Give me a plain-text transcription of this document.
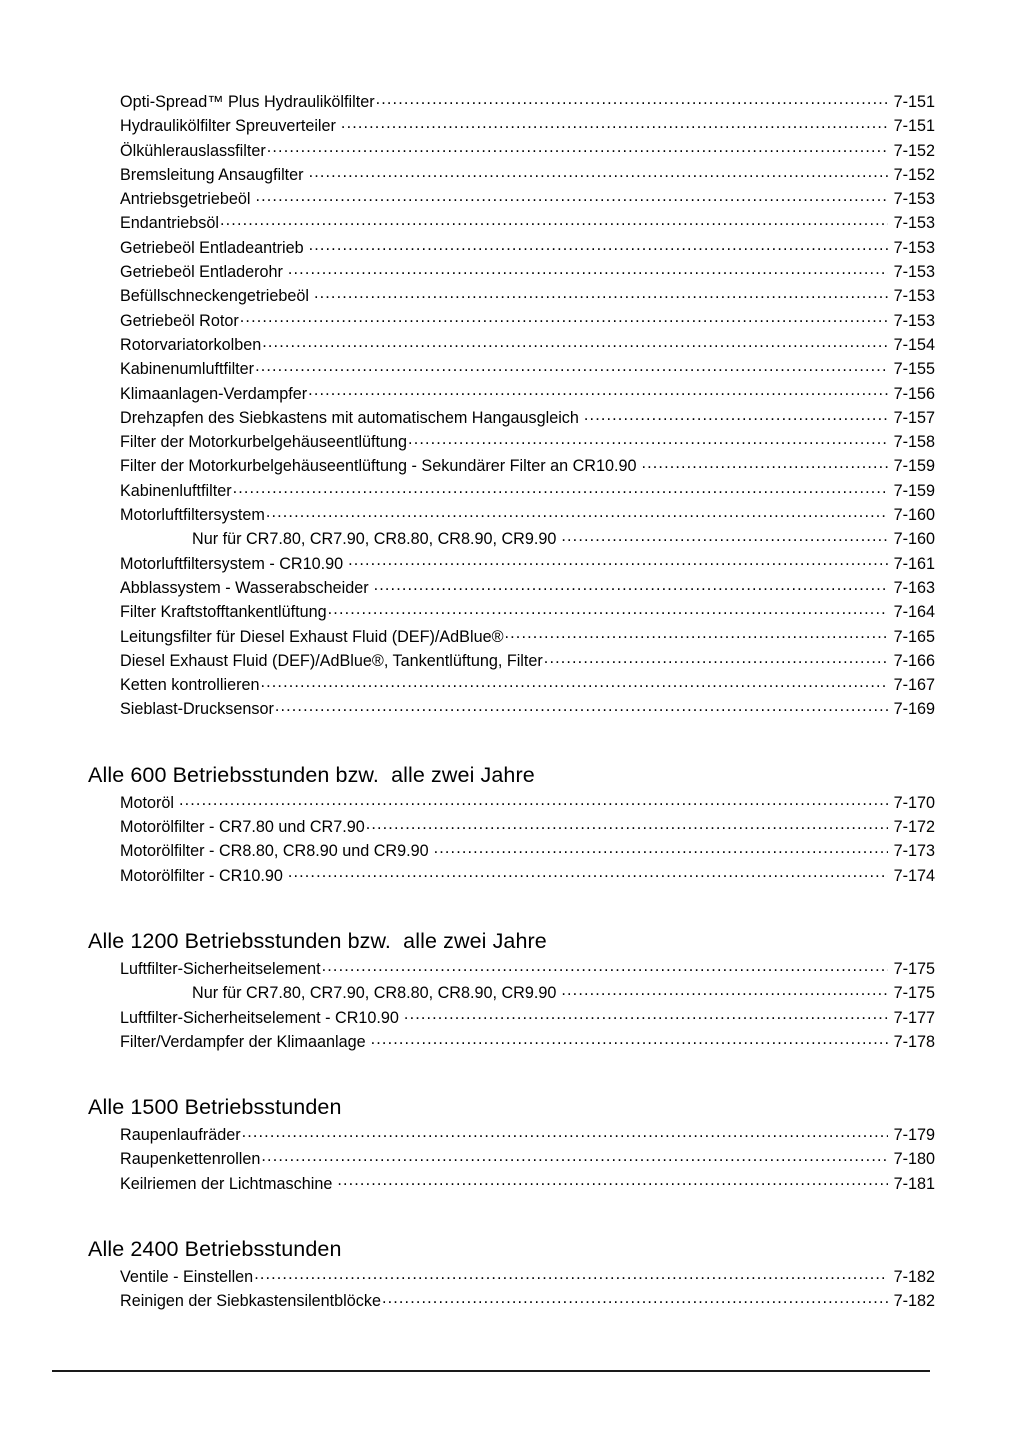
Opti-Spread™ Plus Hydraulikölfilter .....	7-151
Hydraulikölfilter Spreuverteiler .....	7-151
Ölkühlerauslassfilter .....	7-152
Bremsleitung Ansaugfilter .....	7-152
Antriebsgetriebeöl .....	7-153
Endantriebsöl .....	7-153
Getriebeöl Entladeantrieb .....	7-153
Getriebeöl Entladerohr .....	7-153
Befüllschneckengetriebeöl .....	7-153
Getriebeöl Rotor .....	7-153
Rotorvariatorkolben .....	7-154
Kabinenumluftfilter .....	7-155
Klimaanlagen-Verdampfer .....	7-156
Drehzapfen des Siebkastens mit automatischem Hangausgleich .....	7-157
Filter der Motorkurbelgehäuseentlüftung .....	7-158
Filter der Motorkurbelgehäuseentlüftung - Sekundärer Filter an CR10.90 .....	7-159
Kabinenluftfilter .....	7-159
Motorluftfiltersystem .....	7-160
Nur für CR7.80, CR7.90, CR8.80, CR8.90, CR9.90 .....	7-160
Motorluftfiltersystem - CR10.90 .....	7-161
Abblassystem - Wasserabscheider .....	7-163
Filter Kraftstofftankentlüftung .....	7-164
Leitungsfilter für Diesel Exhaust Fluid (DEF)/AdBlue® .....	7-165
Diesel Exhaust Fluid (DEF)/AdBlue®, Tankentlüftung, Filter .....	7-166
Ketten kontrollieren .....	7-167
Sieblast-Drucksensor .....	7-169
Alle 600 Betriebsstunden bzw.  alle zwei Jahre
Motoröl .....	7-170
Motorölfilter - CR7.80 und CR7.90 .....	7-172
Motorölfilter - CR8.80, CR8.90 und CR9.90 .....	7-173
Motorölfilter - CR10.90 .....	7-174
Alle 1200 Betriebsstunden bzw.  alle zwei Jahre
Luftfilter-Sicherheitselement .....	7-175
Nur für CR7.80, CR7.90, CR8.80, CR8.90, CR9.90 .....	7-175
Luftfilter-Sicherheitselement - CR10.90 .....	7-177
Filter/Verdampfer der Klimaanlage .....	7-178
Alle 1500 Betriebsstunden
Raupenlaufräder .....	7-179
Raupenkettenrollen .....	7-180
Keilriemen der Lichtmaschine .....	7-181
Alle 2400 Betriebsstunden
Ventile - Einstellen .....	7-182
Reinigen der Siebkastensilentblöcke .....	7-182
